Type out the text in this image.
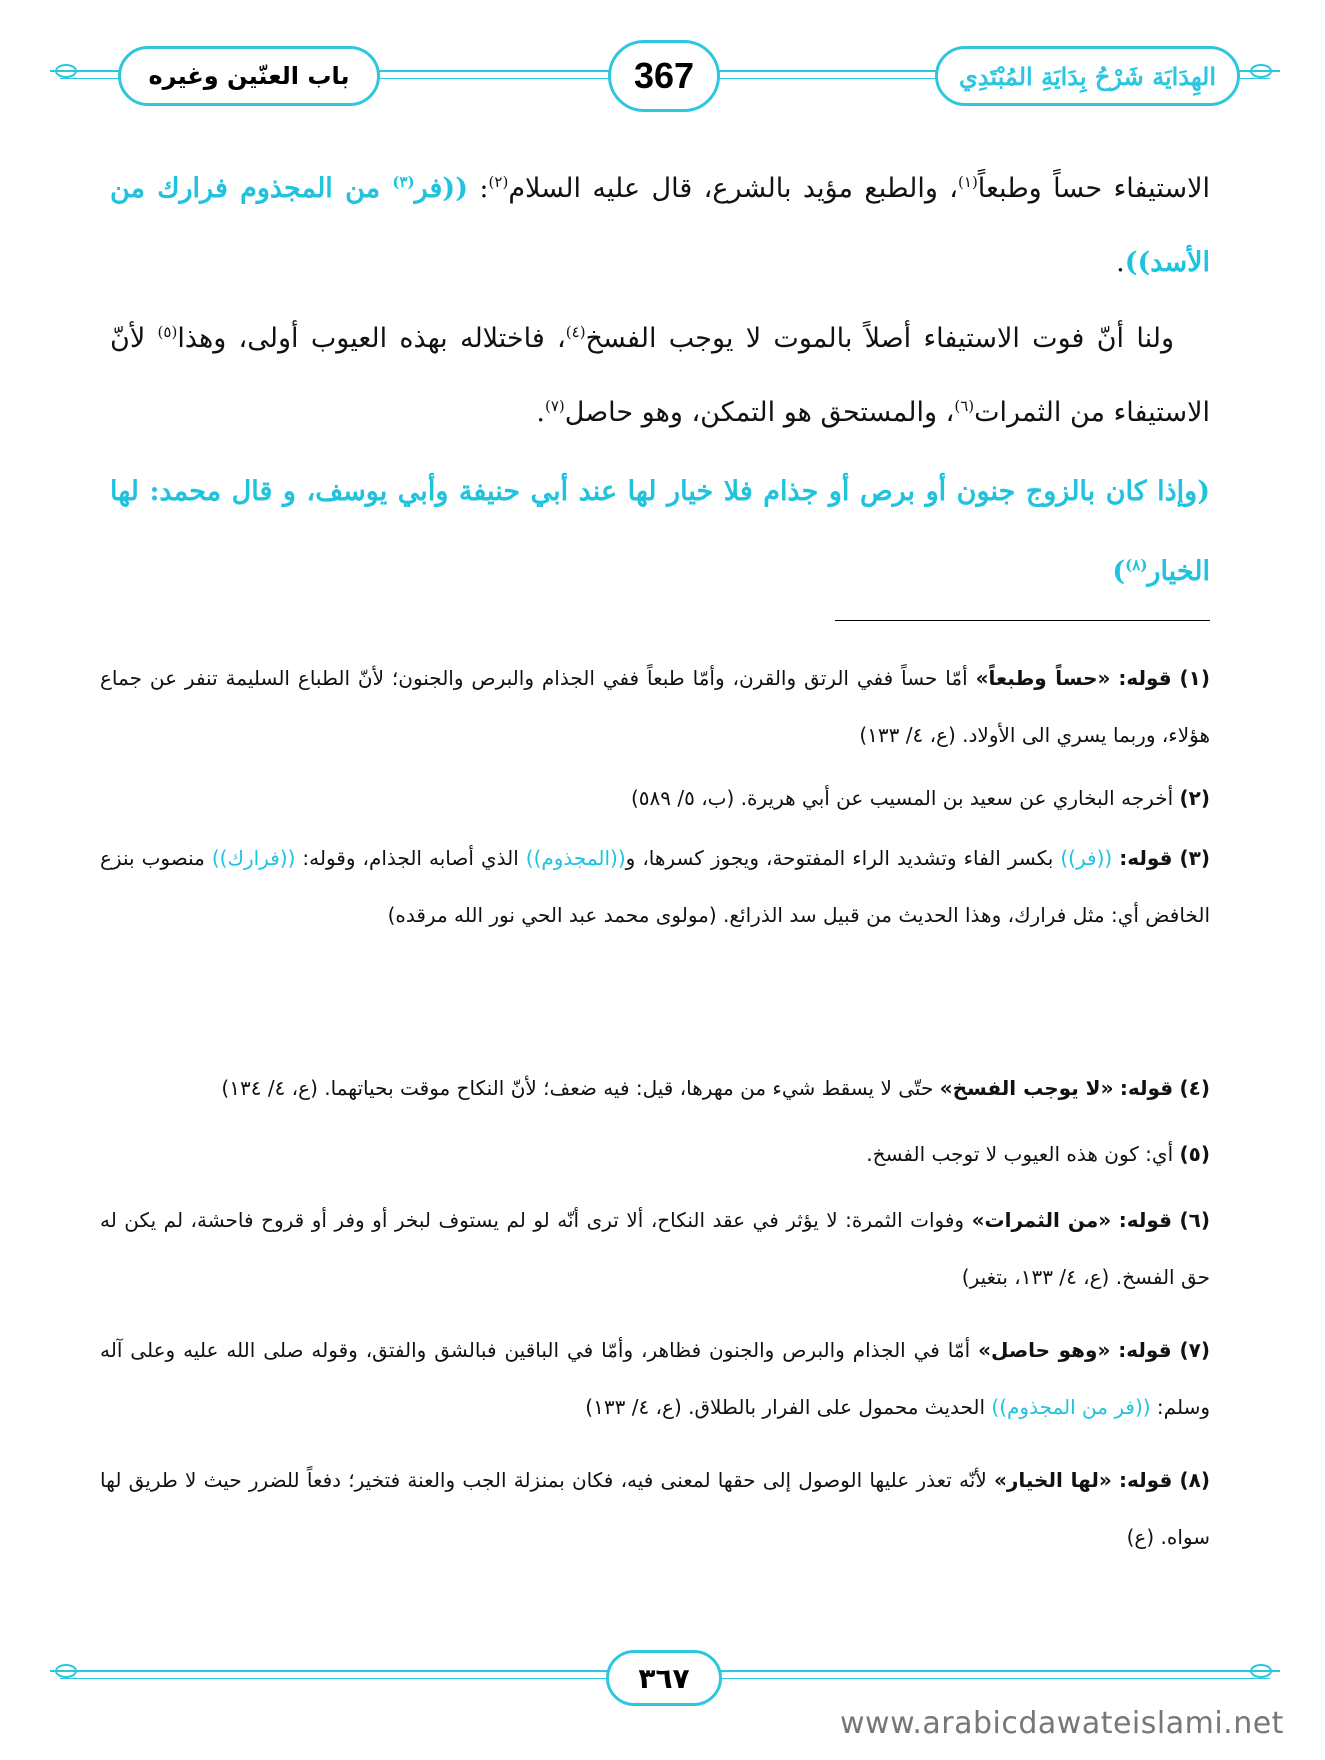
باب العنّين وغيره	367	الهِدَايَة شَرْحُ بِدَايَةِ المُبْتَدِي
الاستيفاء حساً وطبعاً$^{(١)}$، والطبع مؤيد بالشرع، قال عليه السلام$^{(٢)}$: ((فر$^{(٣)}$ من المجذوم فرارك من الأسد)).
ولنا أنّ فوت الاستيفاء أصلاً بالموت لا يوجب الفسخ$^{(٤)}$، فاختلاله بهذه العيوب أولى، وهذا$^{(٥)}$ لأنّ الاستيفاء من الثمرات$^{(٦)}$، والمستحق هو التمكن، وهو حاصل$^{(٧)}$.
(وإذا كان بالزوج جنون أو برص أو جذام فلا خيار لها عند أبي حنيفة وأبي يوسف، و قال محمد: لها الخيار$^{(٨)}$)
(١) قوله: «حساً وطبعاً» أمّا حساً ففي الرتق والقرن، وأمّا طبعاً ففي الجذام والبرص والجنون؛ لأنّ الطباع السليمة تنفر عن جماع هؤلاء، وربما يسري الى الأولاد. (ع، ٤/ ١٣٣)
(٢) أخرجه البخاري عن سعيد بن المسيب عن أبي هريرة. (ب، ٥/ ٥٨٩)
(٣) قوله: ((فر)) بكسر الفاء وتشديد الراء المفتوحة، ويجوز كسرها، و((المجذوم)) الذي أصابه الجذام، وقوله: ((فرارك)) منصوب بنزع الخافض أي: مثل فرارك، وهذا الحديث من قبيل سد الذرائع. (مولوى محمد عبد الحي نور الله مرقده)
(٤) قوله: «لا يوجب الفسخ» حتّى لا يسقط شيء من مهرها، قيل: فيه ضعف؛ لأنّ النكاح موقت بحياتهما. (ع، ٤/ ١٣٤)
(٥) أي: كون هذه العيوب لا توجب الفسخ.
(٦) قوله: «من الثمرات» وفوات الثمرة: لا يؤثر في عقد النكاح، ألا ترى أنّه لو لم يستوف لبخر أو وفر أو قروح فاحشة، لم يكن له حق الفسخ. (ع، ٤/ ١٣٣، بتغير)
(٧) قوله: «وهو حاصل» أمّا في الجذام والبرص والجنون فظاهر، وأمّا في الباقين فبالشق والفتق، وقوله صلى الله عليه وعلى آله وسلم: ((فر من المجذوم)) الحديث محمول على الفرار بالطلاق. (ع، ٤/ ١٣٣)
(٨) قوله: «لها الخيار» لأنّه تعذر عليها الوصول إلى حقها لمعنى فيه، فكان بمنزلة الجب والعنة فتخير؛ دفعاً للضرر حيث لا طريق لها سواه. (ع)
٣٦٧
www.arabicdawateislami.net
